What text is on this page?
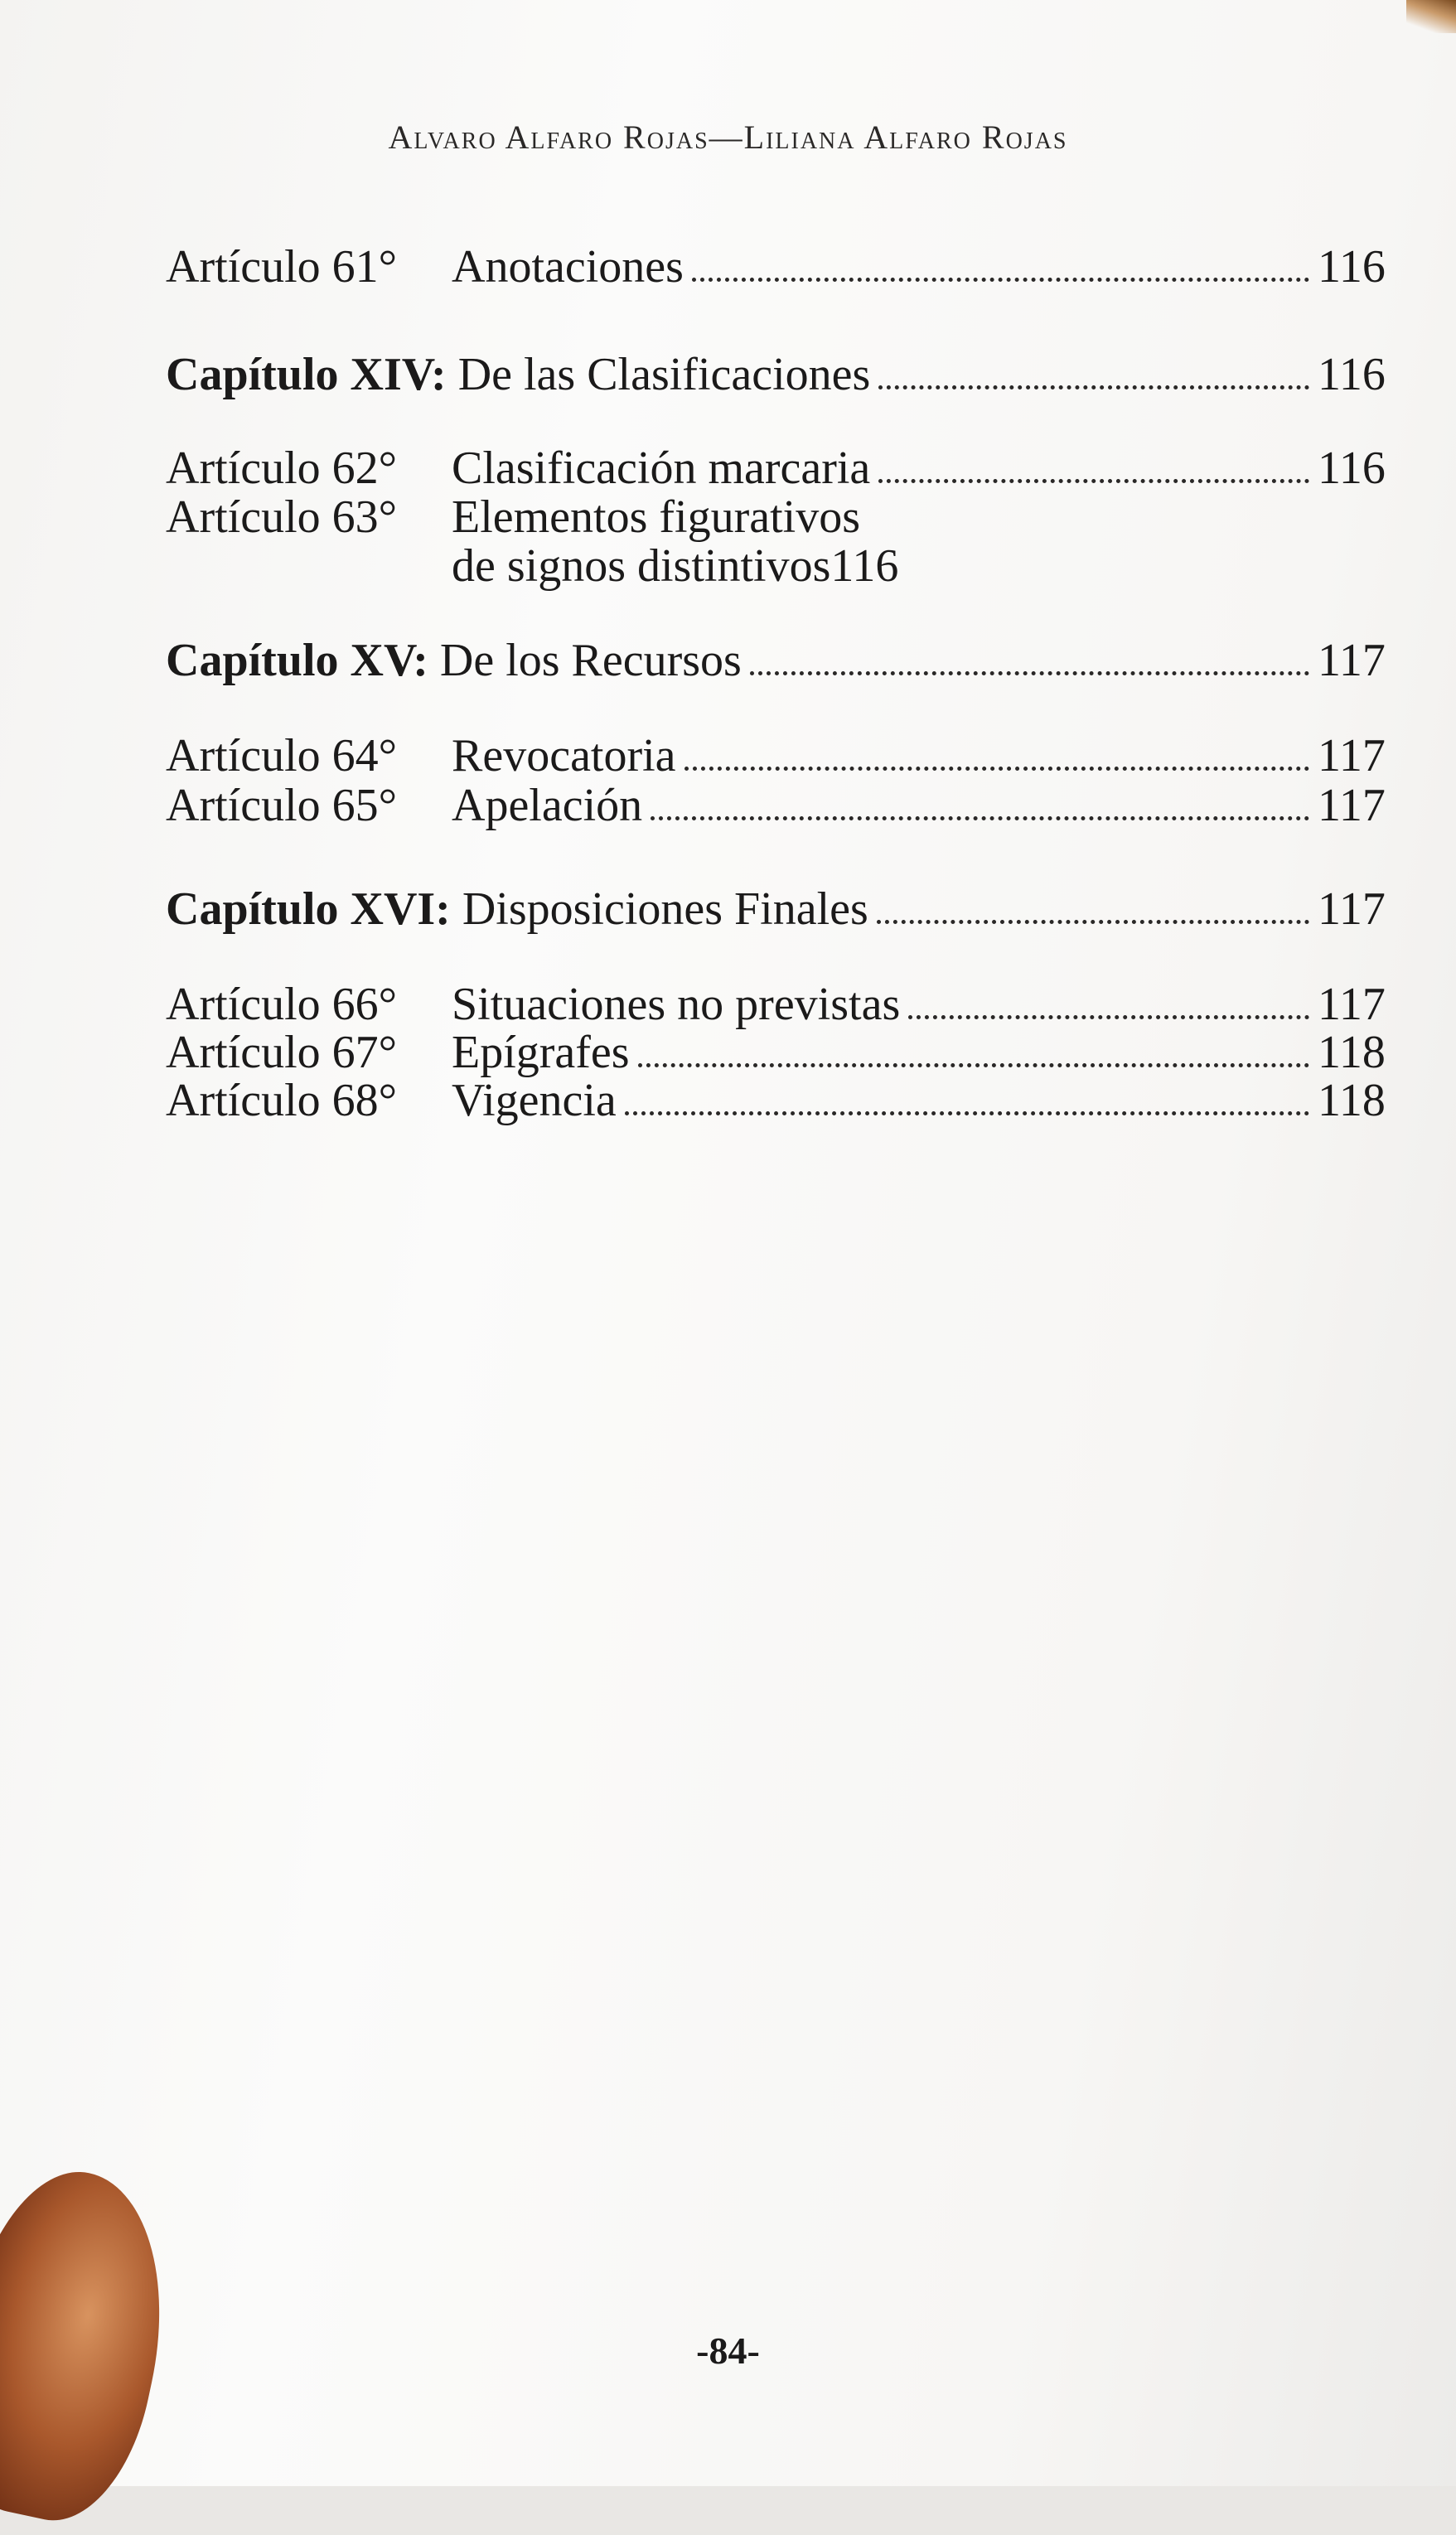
Alvaro Alfaro Rojas—Liliana Alfaro Rojas
Artículo 61°	Anotaciones	116
Capítulo XIV: De las Clasificaciones	116
Artículo 62°	Clasificación marcaria	116
Artículo 63°	Elementos figurativos
de signos distintivos 116
Capítulo XV: De los Recursos	117
Artículo 64°	Revocatoria	117
Artículo 65°	Apelación	117
Capítulo XVI: Disposiciones Finales	117
Artículo 66°	Situaciones no previstas	117
Artículo 67°	Epígrafes	118
Artículo 68°	Vigencia	118
-84-
